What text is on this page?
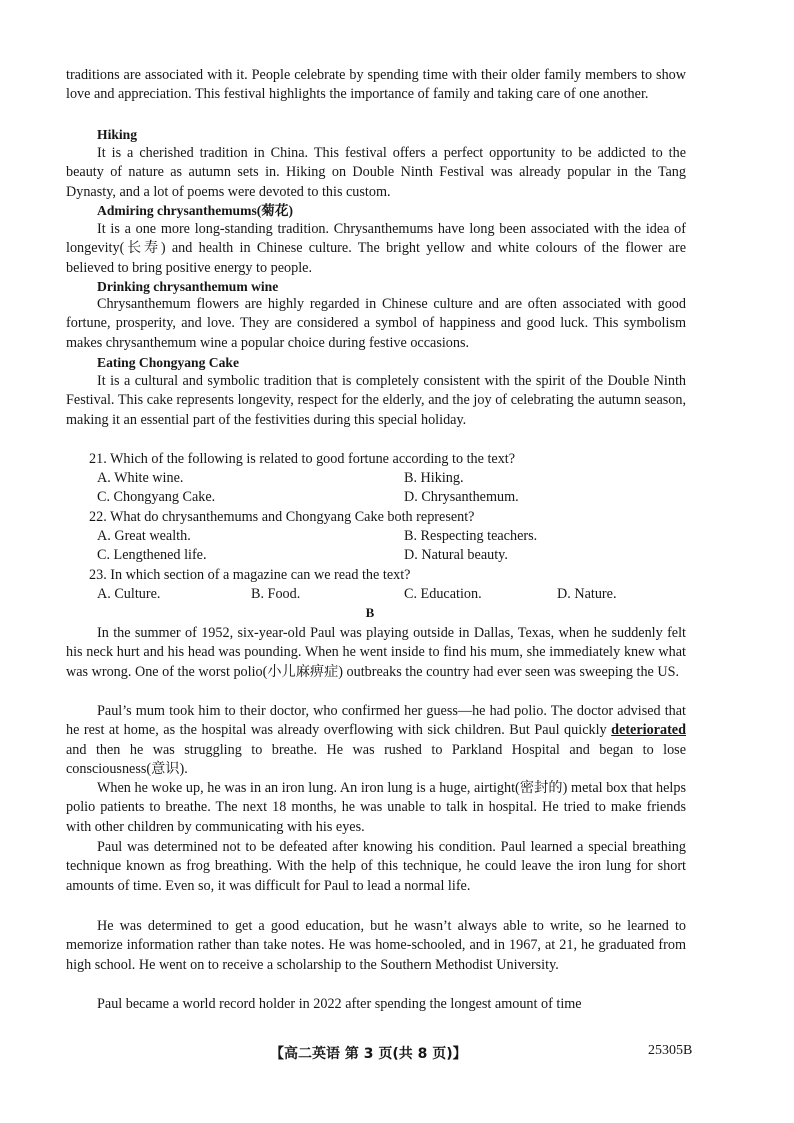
traditions are associated with it. People celebrate by spending time with their older family members to show love and appreciation. This festival highlights the importance of family and taking care of one another.

Hiking

It is a cherished tradition in China. This festival offers a perfect opportunity to be addicted to the beauty of nature as autumn sets in. Hiking on Double Ninth Festival was already popular in the Tang Dynasty, and a lot of poems were devoted to this custom.

Admiring chrysanthemums(菊花)

It is a one more long-standing tradition. Chrysanthemums have long been associated with the idea of longevity(长寿) and health in Chinese culture. The bright yellow and white colours of the flower are believed to bring positive energy to people.

Drinking chrysanthemum wine

Chrysanthemum flowers are highly regarded in Chinese culture and are often associated with good fortune, prosperity, and love. They are considered a symbol of happiness and good luck. This symbolism makes chrysanthemum wine a popular choice during festive occasions.

Eating Chongyang Cake

It is a cultural and symbolic tradition that is completely consistent with the spirit of the Double Ninth Festival. This cake represents longevity, respect for the elderly, and the joy of celebrating the autumn season, making it an essential part of the festivities during this special holiday.

21. Which of the following is related to good fortune according to the text?

A. White wine.	B. Hiking.

C. Chongyang Cake.	D. Chrysanthemum.

22. What do chrysanthemums and Chongyang Cake both represent?

A. Great wealth.	B. Respecting teachers.

C. Lengthened life.	D. Natural beauty.

23. In which section of a magazine can we read the text?

A. Culture.	B. Food.	C. Education.	D. Nature.

B

In the summer of 1952, six-year-old Paul was playing outside in Dallas, Texas, when he suddenly felt his neck hurt and his head was pounding. When he went inside to find his mum, she immediately knew what was wrong. One of the worst polio(小儿麻痹症) outbreaks the country had ever seen was sweeping the US.

Paul’s mum took him to their doctor, who confirmed her guess—he had polio. The doctor advised that he rest at home, as the hospital was already overflowing with sick children. But Paul quickly deteriorated and then he was struggling to breathe. He was rushed to Parkland Hospital and began to lose consciousness(意识).

When he woke up, he was in an iron lung. An iron lung is a huge, airtight(密封的) metal box that helps polio patients to breathe. The next 18 months, he was unable to talk in hospital. He tried to make friends with other children by communicating with his eyes.

Paul was determined not to be defeated after knowing his condition. Paul learned a special breathing technique known as frog breathing. With the help of this technique, he could leave the iron lung for short amounts of time. Even so, it was difficult for Paul to lead a normal life.

He was determined to get a good education, but he wasn’t always able to write, so he learned to memorize information rather than take notes. He was home-schooled, and in 1967, at 21, he graduated from high school. He went on to receive a scholarship to the Southern Methodist University.

Paul became a world record holder in 2022 after spending the longest amount of time

【高二英语 第 3 页(共 8 页)】	25305B
